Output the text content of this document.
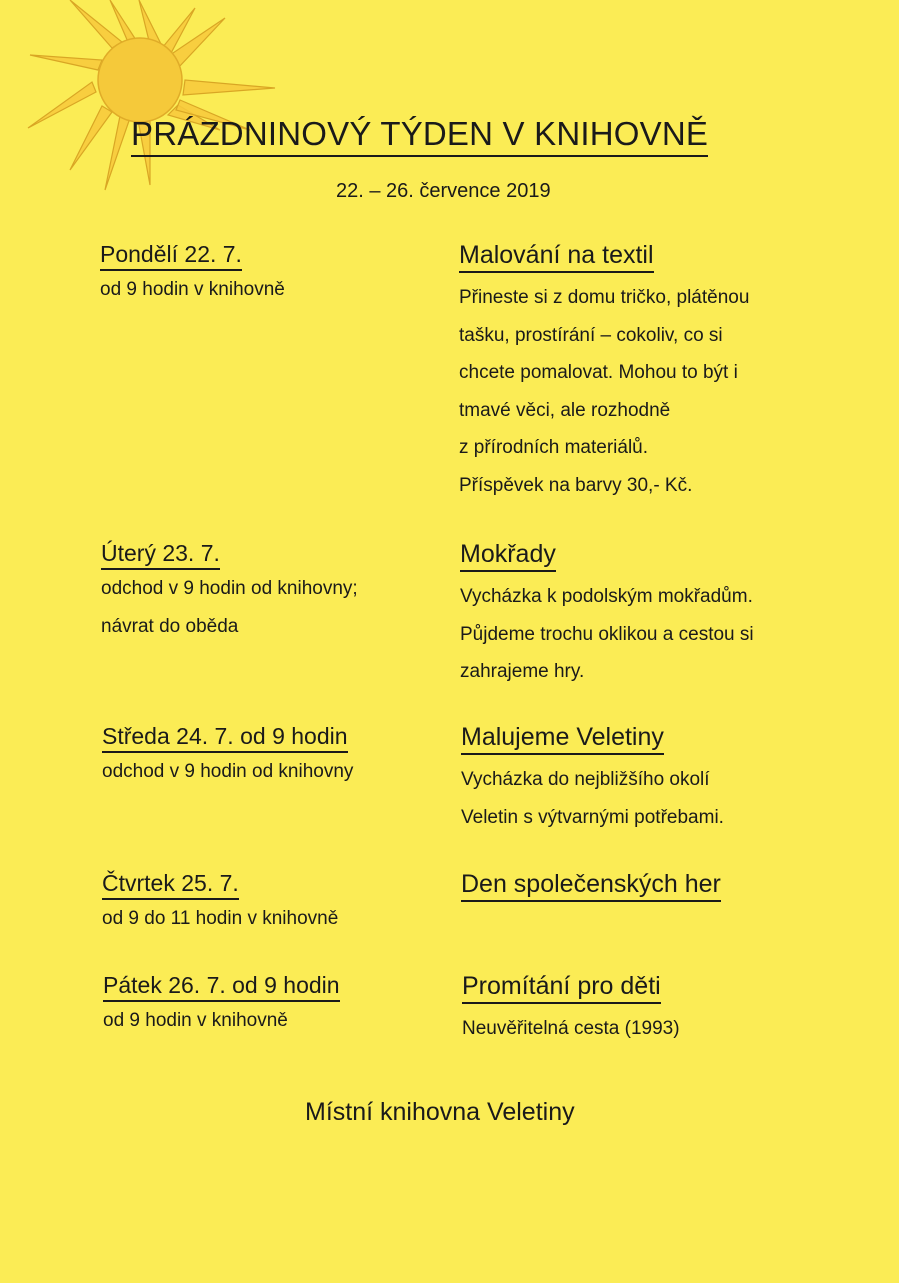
PRÁZDNINOVÝ TÝDEN V KNIHOVNĚ
22. – 26. července 2019
Pondělí 22. 7.
od 9 hodin v knihovně
Malování na textil
Přineste si z domu tričko, plátěnou
tašku, prostírání – cokoliv, co si
chcete pomalovat. Mohou to být i
tmavé věci, ale rozhodně
z přírodních materiálů.
Příspěvek na barvy 30,- Kč.
Úterý 23. 7.
odchod v 9 hodin od knihovny;
návrat do oběda
Mokřady
Vycházka k podolským mokřadům.
Půjdeme trochu oklikou a cestou si
zahrajeme hry.
Středa 24. 7. od 9 hodin
odchod v 9 hodin od knihovny
Malujeme Veletiny
Vycházka do nejbližšího okolí
Veletin s výtvarnými potřebami.
Čtvrtek 25. 7.
od 9 do 11 hodin v knihovně
Den společenských her
Pátek 26. 7. od 9 hodin
od 9 hodin v knihovně
Promítání pro děti
Neuvěřitelná cesta (1993)
Místní knihovna Veletiny
